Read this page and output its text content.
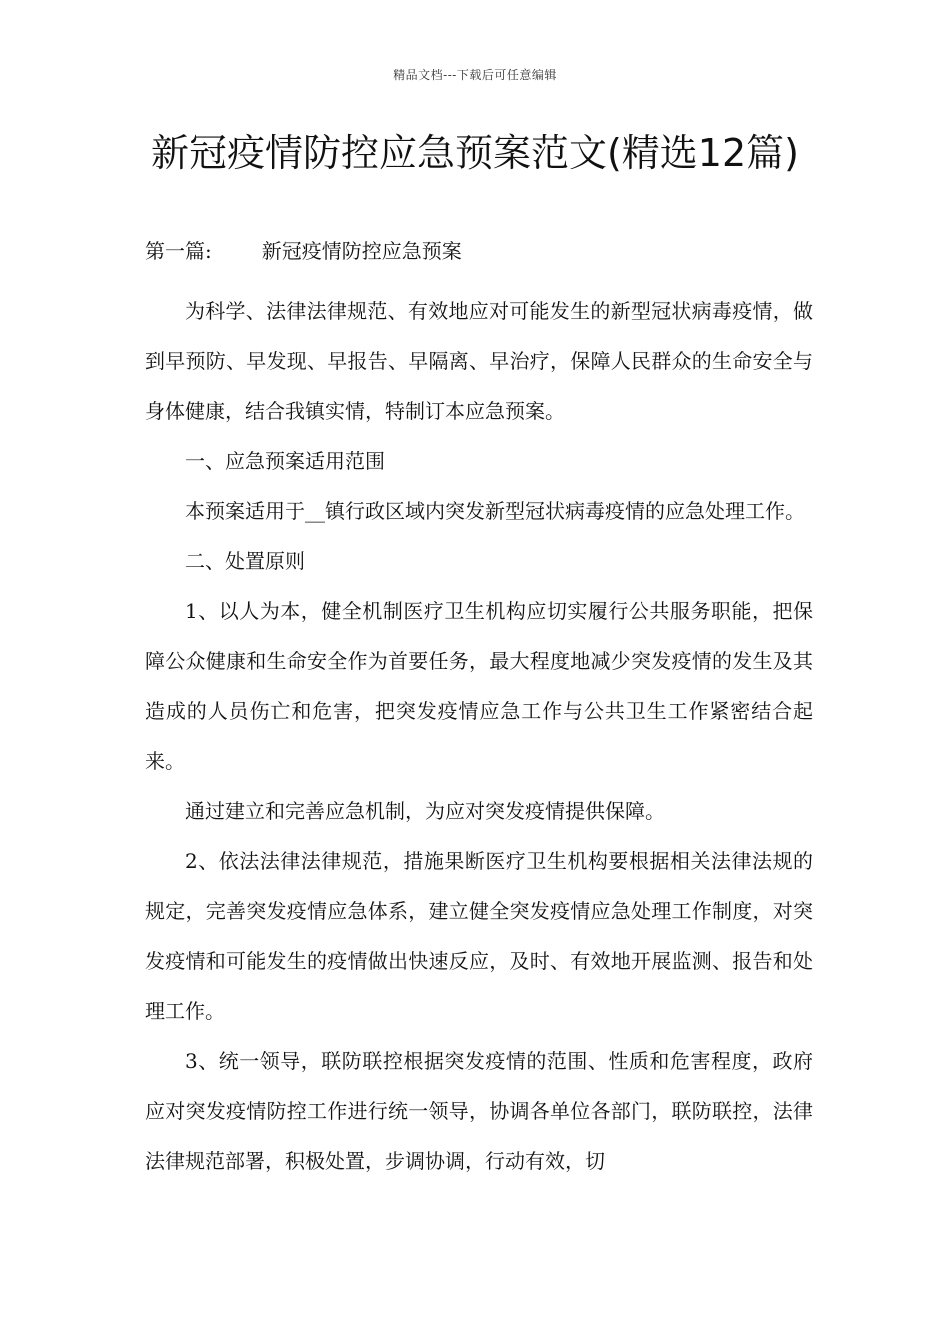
精品文档---下载后可任意编辑
新冠疫情防控应急预案范文(精选12篇)
第一篇:	新冠疫情防控应急预案

为科学、法律法律规范、有效地应对可能发生的新型冠状病毒疫情，做到早预防、早发现、早报告、早隔离、早治疗，保障人民群众的生命安全与身体健康，结合我镇实情，特制订本应急预案。

一、应急预案适用范围

本预案适用于__镇行政区域内突发新型冠状病毒疫情的应急处理工作。

二、处置原则

1、以人为本，健全机制医疗卫生机构应切实履行公共服务职能，把保障公众健康和生命安全作为首要任务，最大程度地减少突发疫情的发生及其造成的人员伤亡和危害，把突发疫情应急工作与公共卫生工作紧密结合起来。

通过建立和完善应急机制，为应对突发疫情提供保障。

2、依法法律法律规范，措施果断医疗卫生机构要根据相关法律法规的规定，完善突发疫情应急体系，建立健全突发疫情应急处理工作制度，对突发疫情和可能发生的疫情做出快速反应，及时、有效地开展监测、报告和处理工作。

3、统一领导，联防联控根据突发疫情的范围、性质和危害程度，政府应对突发疫情防控工作进行统一领导，协调各单位各部门，联防联控，法律法律规范部署，积极处置，步调协调，行动有效，切
